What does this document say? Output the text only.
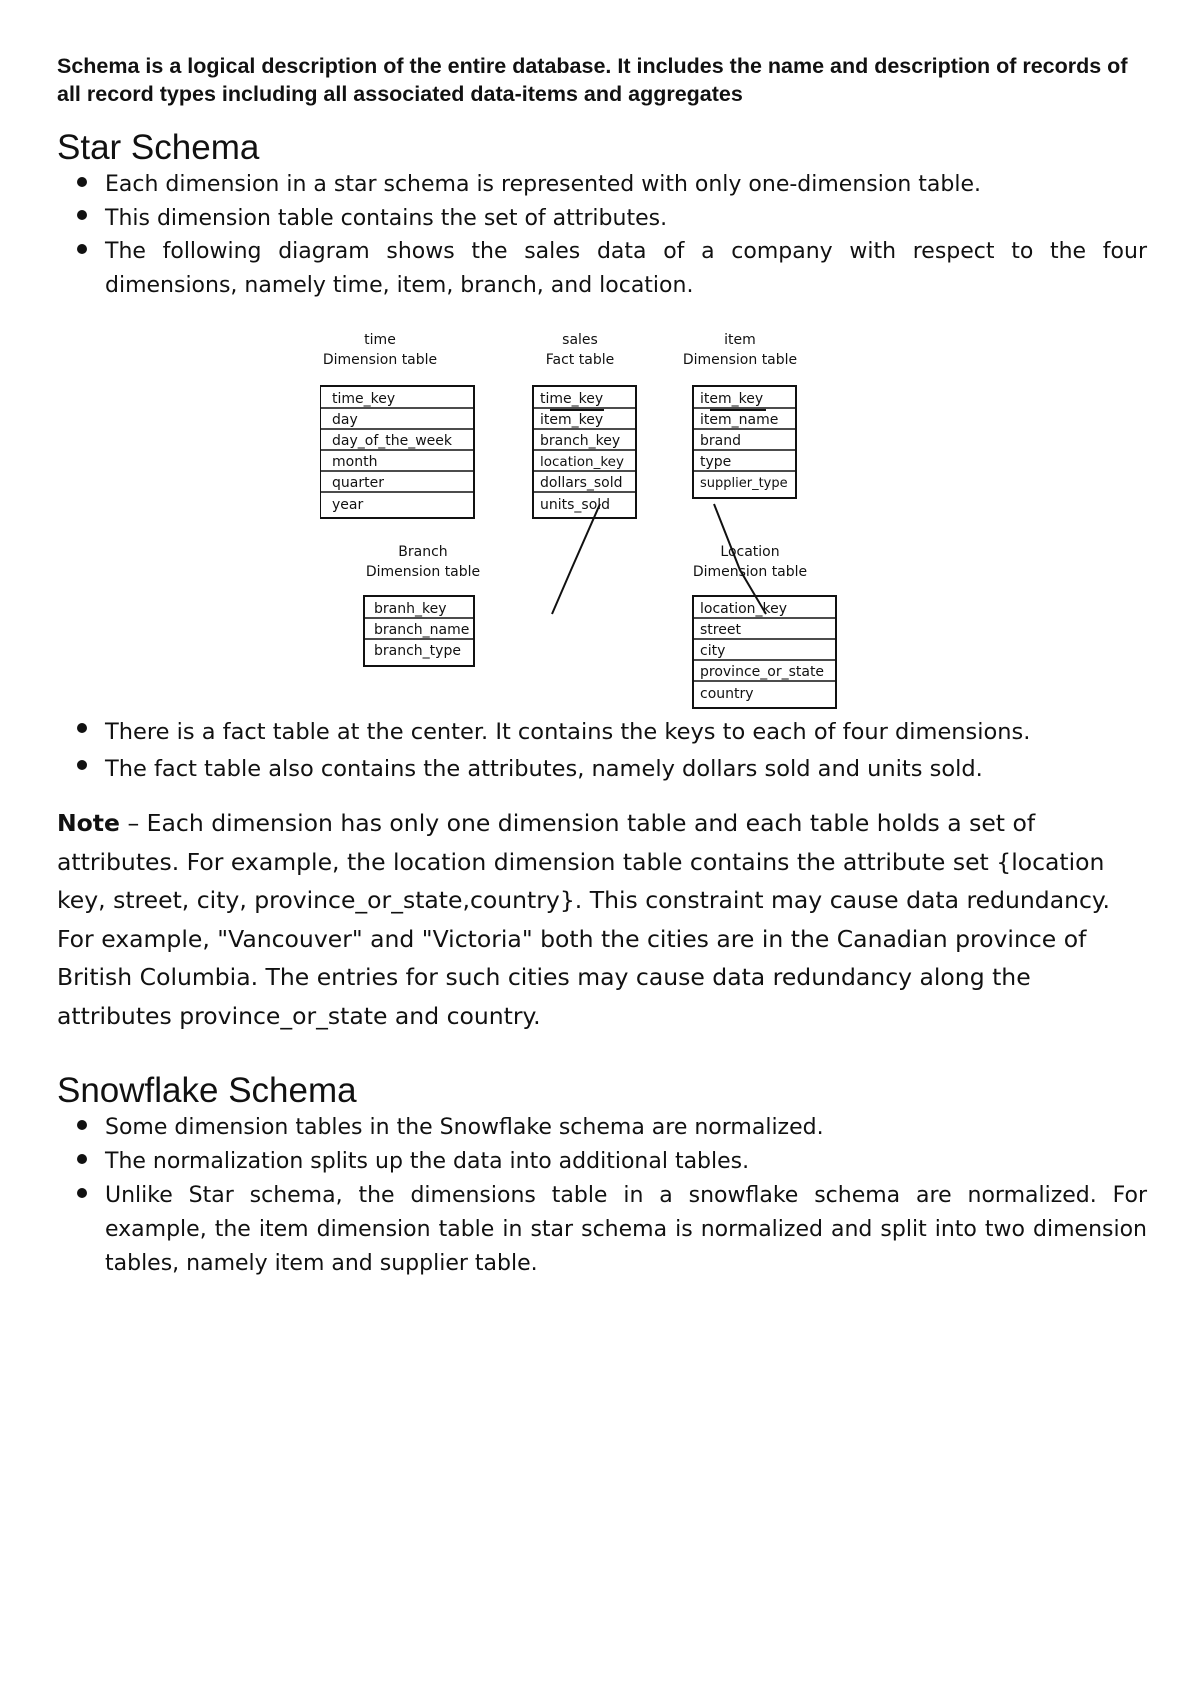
Schema is a logical description of the entire database. It includes the name and description of records of all record types including all associated data-items and aggregates

Star Schema
Each dimension in a star schema is represented with only one-dimension table.
This dimension table contains the set of attributes.
The following diagram shows the sales data of a company with respect to the four dimensions, namely time, item, branch, and location.
time
Dimension table
time_key
day
day_of_the_week
month
quarter
year
sales
Fact table
time_key
item_key
branch_key
location_key
dollars_sold
units_sold
item
Dimension table
item_key
item_name
brand
type
supplier_type
Branch
Dimension table
branh_key
branch_name
branch_type
Location
Dimension table
location_key
street
city
province_or_state
country
There is a fact table at the center. It contains the keys to each of four dimensions.
The fact table also contains the attributes, namely dollars sold and units sold.

Note – Each dimension has only one dimension table and each table holds a set of attributes. For example, the location dimension table contains the attribute set {location key, street, city, province_or_state,country}. This constraint may cause data redundancy. For example, "Vancouver" and "Victoria" both the cities are in the Canadian province of British Columbia. The entries for such cities may cause data redundancy along the attributes province_or_state and country.

Snowflake Schema
Some dimension tables in the Snowflake schema are normalized.
The normalization splits up the data into additional tables.
Unlike Star schema, the dimensions table in a snowflake schema are normalized. For example, the item dimension table in star schema is normalized and split into two dimension tables, namely item and supplier table.
